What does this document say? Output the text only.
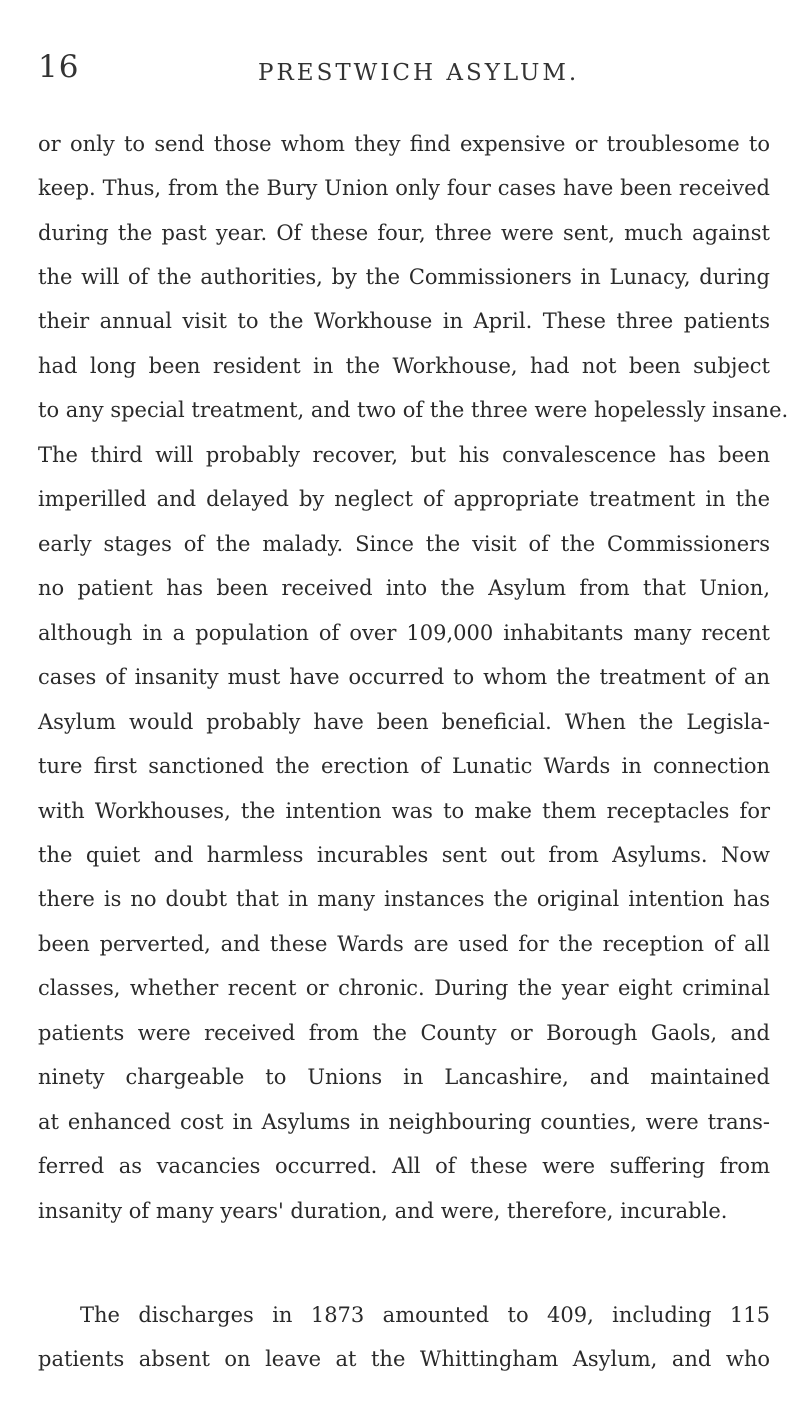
16	PRESTWICH ASYLUM.
or only to send those whom they find expensive or troublesome to
keep. Thus, from the Bury Union only four cases have been received
during the past year. Of these four, three were sent, much against
the will of the authorities, by the Commissioners in Lunacy, during
their annual visit to the Workhouse in April. These three patients
had long been resident in the Workhouse, had not been subject
to any special treatment, and two of the three were hopelessly insane.
The third will probably recover, but his convalescence has been
imperilled and delayed by neglect of appropriate treatment in the
early stages of the malady. Since the visit of the Commissioners
no patient has been received into the Asylum from that Union,
although in a population of over 109,000 inhabitants many recent
cases of insanity must have occurred to whom the treatment of an
Asylum would probably have been beneficial. When the Legisla-
ture first sanctioned the erection of Lunatic Wards in connection
with Workhouses, the intention was to make them receptacles for
the quiet and harmless incurables sent out from Asylums. Now
there is no doubt that in many instances the original intention has
been perverted, and these Wards are used for the reception of all
classes, whether recent or chronic. During the year eight criminal
patients were received from the County or Borough Gaols, and
ninety chargeable to Unions in Lancashire, and maintained
at enhanced cost in Asylums in neighbouring counties, were trans-
ferred as vacancies occurred. All of these were suffering from
insanity of many years' duration, and were, therefore, incurable.
The discharges in 1873 amounted to 409, including 115
patients absent on leave at the Whittingham Asylum, and who
